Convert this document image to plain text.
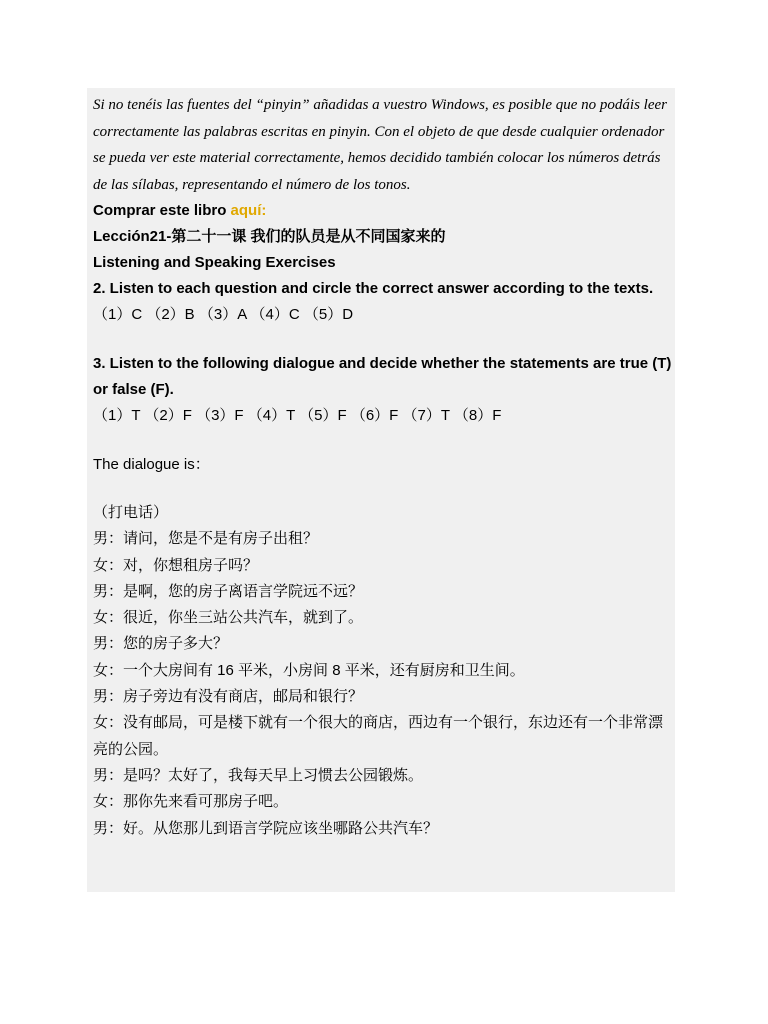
Si no tenéis las fuentes del “pinyin” añadidas a vuestro Windows, es posible que no podáis leer correctamente las palabras escritas en pinyin. Con el objeto de que desde cualquier ordenador se pueda ver este material correctamente, hemos decidido también colocar los números detrás de las sílabas, representando el número de los tonos.

Comprar este libro aquí:

Lección21-第二十一课 我们的队员是从不同国家来的

Listening and Speaking Exercises

2. Listen to each question and circle the correct answer according to the texts.

（1）C （2）B （3）A （4）C （5）D

3. Listen to the following dialogue and decide whether the statements are true (T) or false (F).

（1）T （2）F （3）F （4）T （5）F （6）F （7）T （8）F

The dialogue is：

（打电话）

男：请问，您是不是有房子出租？

女：对，你想租房子吗？

男：是啊，您的房子离语言学院远不远？

女：很近，你坐三站公共汽车，就到了。

男：您的房子多大？

女：一个大房间有 16 平米，小房间 8 平米，还有厨房和卫生间。

男：房子旁边有没有商店，邮局和银行？

女：没有邮局，可是楼下就有一个很大的商店，西边有一个银行，东边还有一个非常漂亮的公园。

男：是吗？太好了，我每天早上习惯去公园锻炼。

女：那你先来看可那房子吧。

男：好。从您那儿到语言学院应该坐哪路公共汽车？
